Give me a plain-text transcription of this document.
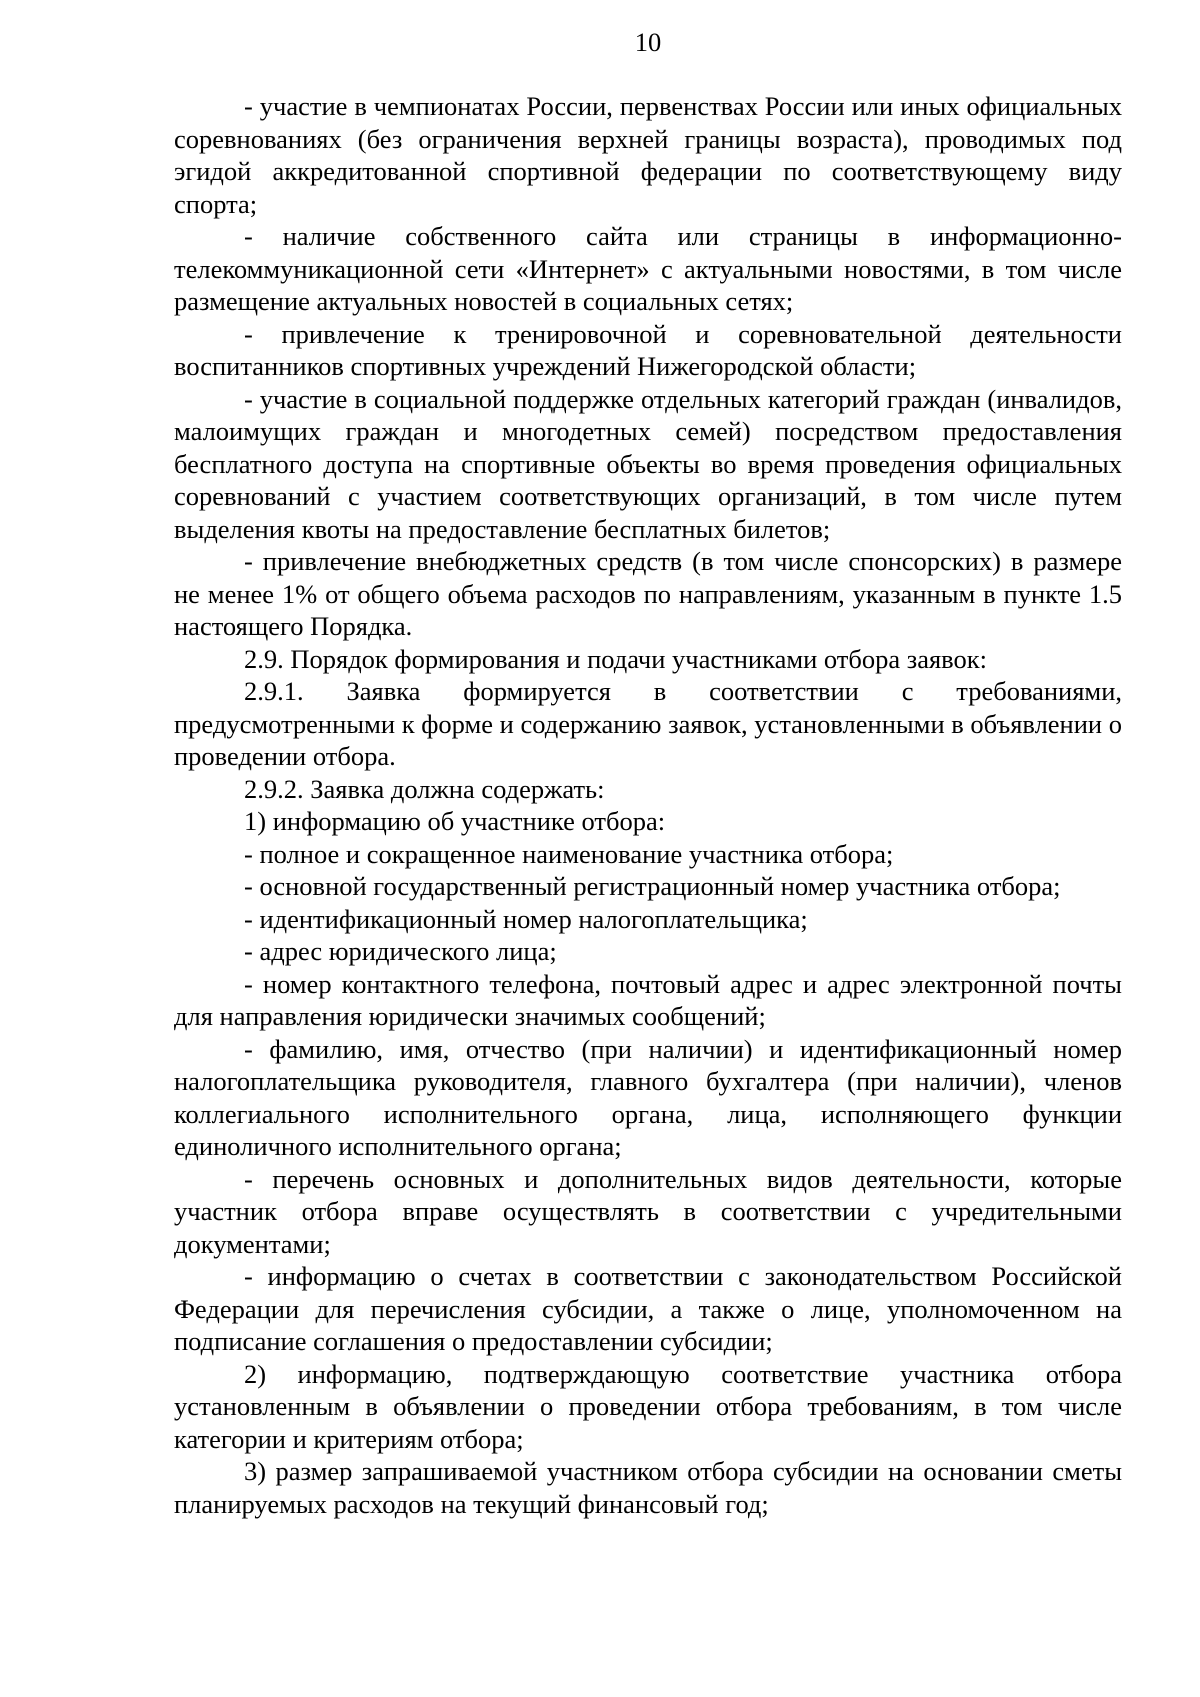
10

- участие в чемпионатах России, первенствах России или иных официальных соревнованиях (без ограничения верхней границы возраста), проводимых под эгидой аккредитованной спортивной федерации по соответствующему виду спорта;

- наличие собственного сайта или страницы в информационно-телекоммуникационной сети «Интернет» с актуальными новостями, в том числе размещение актуальных новостей в социальных сетях;

- привлечение к тренировочной и соревновательной деятельности воспитанников спортивных учреждений Нижегородской области;

- участие в социальной поддержке отдельных категорий граждан (инвалидов, малоимущих граждан и многодетных семей) посредством предоставления бесплатного доступа на спортивные объекты во время проведения официальных соревнований с участием соответствующих организаций, в том числе путем выделения квоты на предоставление бесплатных билетов;

- привлечение внебюджетных средств (в том числе спонсорских) в размере не менее 1% от общего объема расходов по направлениям, указанным в пункте 1.5 настоящего Порядка.

2.9. Порядок формирования и подачи участниками отбора заявок:

2.9.1. Заявка формируется в соответствии с требованиями, предусмотренными к форме и содержанию заявок, установленными в объявлении о проведении отбора.

2.9.2. Заявка должна содержать:

1) информацию об участнике отбора:

- полное и сокращенное наименование участника отбора;

- основной государственный регистрационный номер участника отбора;

- идентификационный номер налогоплательщика;

- адрес юридического лица;

- номер контактного телефона, почтовый адрес и адрес электронной почты для направления юридически значимых сообщений;

- фамилию, имя, отчество (при наличии) и идентификационный номер налогоплательщика руководителя, главного бухгалтера (при наличии), членов коллегиального исполнительного органа, лица, исполняющего функции единоличного исполнительного органа;

- перечень основных и дополнительных видов деятельности, которые участник отбора вправе осуществлять в соответствии с учредительными документами;

- информацию о счетах в соответствии с законодательством Российской Федерации для перечисления субсидии, а также о лице, уполномоченном на подписание соглашения о предоставлении субсидии;

2) информацию, подтверждающую соответствие участника отбора установленным в объявлении о проведении отбора требованиям, в том числе категории и критериям отбора;

3) размер запрашиваемой участником отбора субсидии на основании сметы планируемых расходов на текущий финансовый год;
